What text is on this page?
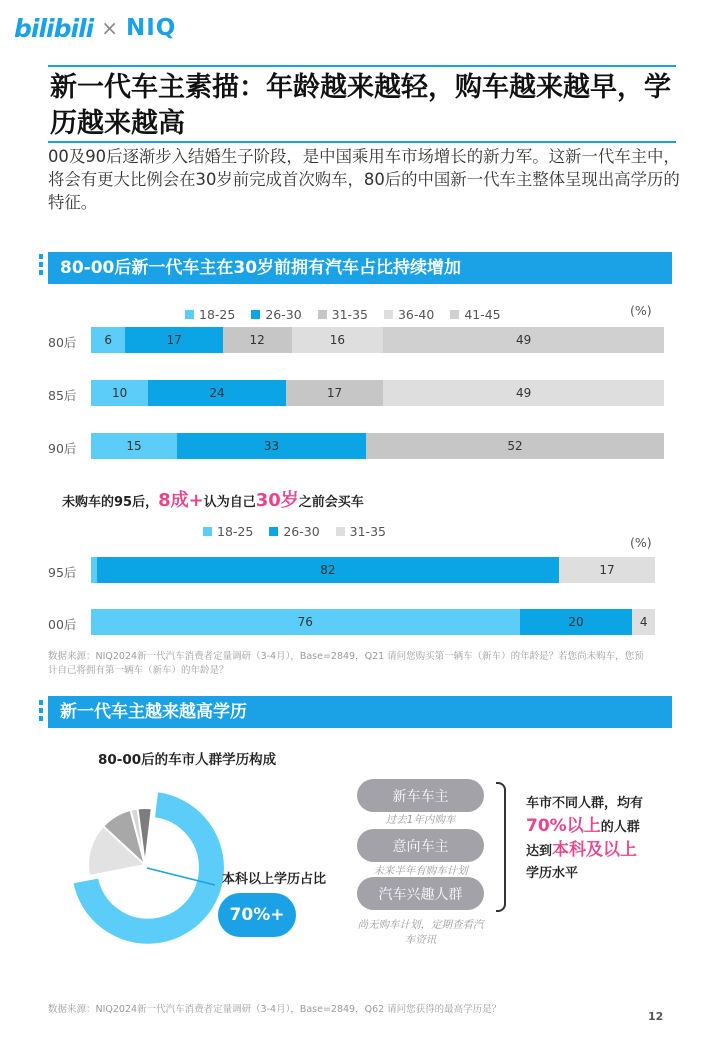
bilibili × NIQ
新一代车主素描：年龄越来越轻，购车越来越早，学历越来越高
00及90后逐渐步入结婚生子阶段，是中国乘用车市场增长的新力军。这新一代车主中，将会有更大比例会在30岁前完成首次购车，80后的中国新一代车主整体呈现出高学历的特征。
80-00后新一代车主在30岁前拥有汽车占比持续增加
18-25 26-30 31-35 36-40 41-45	(%)
80后	6	17	12	16	49
85后	10	24	17	49
90后	15	33	52
未购车的95后，8成+认为自己30岁之前会买车
18-25 26-30 31-35
(%)
95后	82	17
00后	76	20	4
数据来源：NIQ2024新一代汽车消费者定量调研（3-4月），Base=2849，Q21 请问您购买第一辆车（新车）的年龄是？若您尚未购车，您预计自己将拥有第一辆车（新车）的年龄是？
新一代车主越来越高学历
80-00后的车市人群学历构成
本科以上学历占比
70%+
新车车主
过去1年内购车
意向车主
未来半年有购车计划
汽车兴趣人群
尚无购车计划，定期查看汽车资讯
车市不同人群，均有
70%以上的人群
达到本科及以上
学历水平
数据来源：NIQ2024新一代汽车消费者定量调研（3-4月），Base=2849，Q62 请问您获得的最高学历是？
12
